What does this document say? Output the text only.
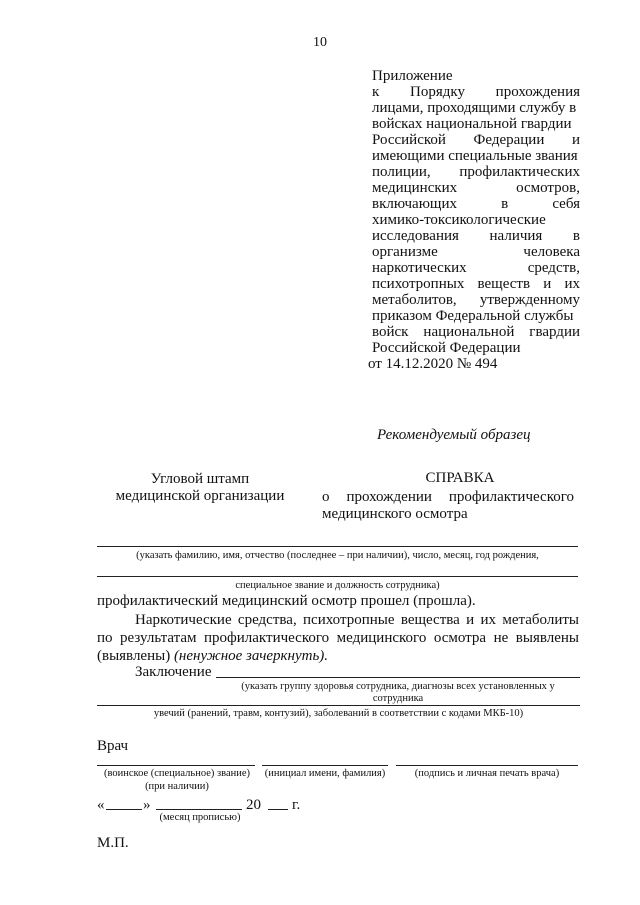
10
Приложение
к Порядку прохождения
лицами, проходящими службу в
войсках национальной гвардии
Российской Федерации и
имеющими специальные звания
полиции, профилактических
медицинских осмотров,
включающих в себя
химико-токсикологические
исследования наличия в
организме человека
наркотических средств,
психотропных веществ и их
метаболитов, утвержденному
приказом Федеральной службы
войск национальной гвардии
Российской Федерации
от 14.12.2020 № 494
Рекомендуемый образец
Угловой штамп
медицинской организации
СПРАВКА
о прохождении профилактического
медицинского осмотра
(указать фамилию, имя, отчество (последнее – при наличии), число, месяц, год рождения,
специальное звание и должность сотрудника)
профилактический медицинский осмотр прошел (прошла).
Наркотические средства, психотропные вещества и их метаболиты по результатам профилактического медицинского осмотра не выявлены (выявлены) (ненужное зачеркнуть).
Заключение
(указать группу здоровья сотрудника, диагнозы всех установленных у сотрудника
увечий (ранений, травм, контузий), заболеваний в соответствии с кодами МКБ-10)
Врач
(воинское (специальное) звание)
(при наличии)
(инициал имени, фамилия)	(подпись и личная печать врача)
«	»	20 г.
(месяц прописью)
М.П.
